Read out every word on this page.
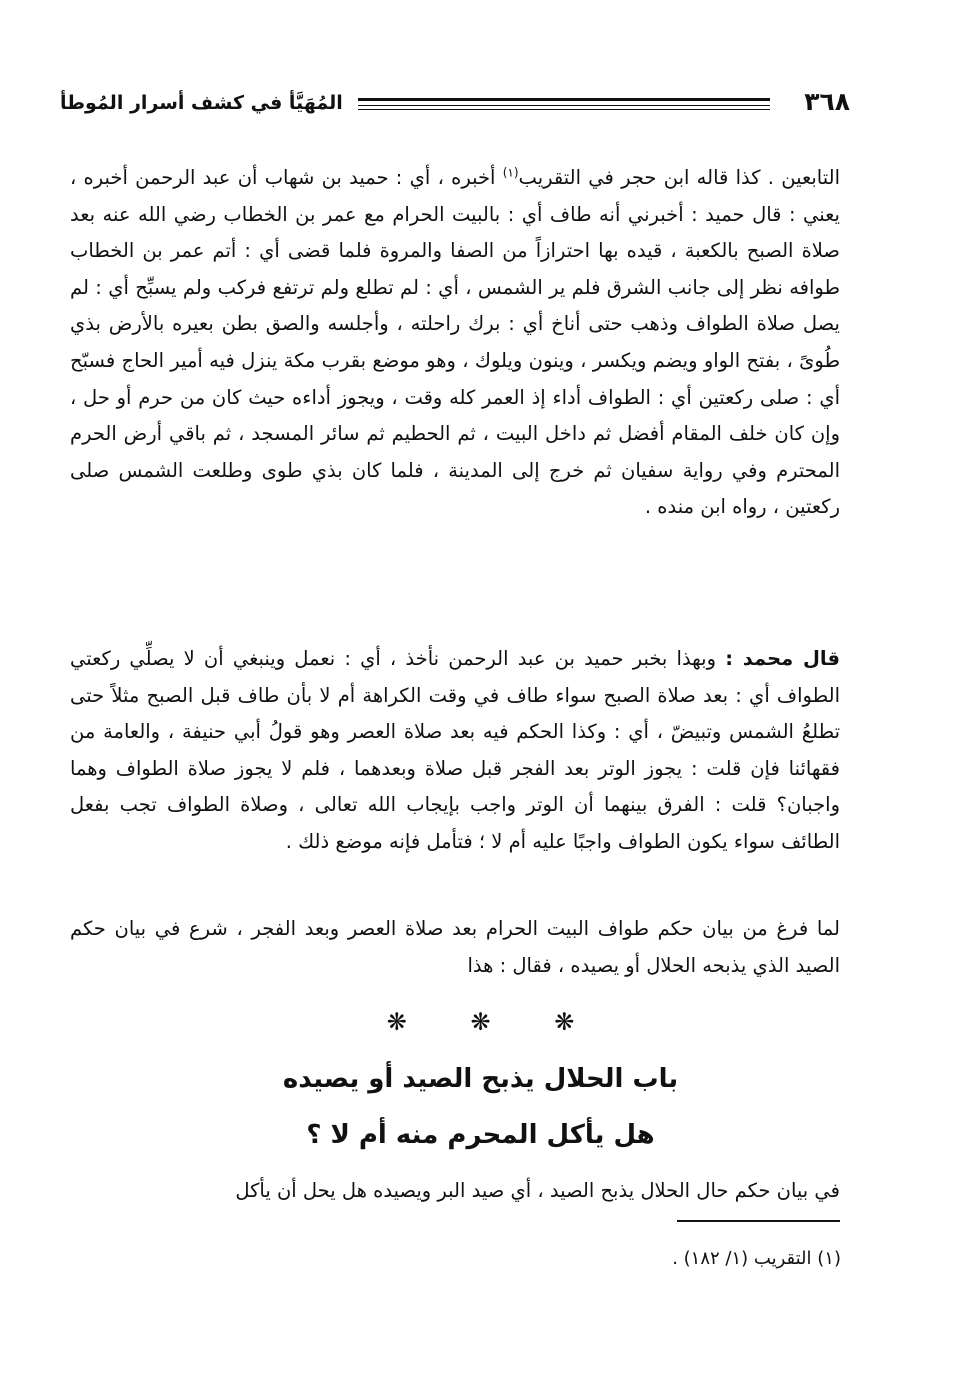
٣٦٨
المُهَيَّأ في كشف أسرار المُوطأ

التابعين . كذا قاله ابن حجر في التقريب$^{(١)}$ أخبره ، أي : حميد بن شهاب أن عبد الرحمن أخبره ، يعني : قال حميد : أخبرني أنه طاف أي : بالبيت الحرام مع عمر بن الخطاب رضي الله عنه بعد صلاة الصبح بالكعبة ، قيده بها احترازاً من الصفا والمروة فلما قضى أي : أتم عمر بن الخطاب طوافه نظر إلى جانب الشرق فلم ير الشمس ، أي : لم تطلع ولم ترتفع فركب ولم يسبِّح أي : لم يصل صلاة الطواف وذهب حتى أناخ أي : برك راحلته ، وأجلسه والصق بطن بعيره بالأرض بذي طُوىً ، بفتح الواو ويضم ويكسر ، وينون ويلوك ، وهو موضع بقرب مكة ينزل فيه أمير الحاج فسبّح أي : صلى ركعتين أي : الطواف أداء إذ العمر كله وقت ، ويجوز أداءه حيث كان من حرم أو حل ، وإن كان خلف المقام أفضل ثم داخل البيت ، ثم الحطيم ثم سائر المسجد ، ثم باقي أرض الحرم المحترم وفي رواية سفيان ثم خرج إلى المدينة ، فلما كان بذي طوى وطلعت الشمس صلى ركعتين ، رواه ابن منده .

قال محمد : وبهذا بخبر حميد بن عبد الرحمن نأخذ ، أي : نعمل وينبغي أن لا يصلِّي ركعتي الطواف أي : بعد صلاة الصبح سواء طاف في وقت الكراهة أم لا بأن طاف قبل الصبح مثلاً حتى تطلعُ الشمس وتبيضّ ، أي : وكذا الحكم فيه بعد صلاة العصر وهو قولُ أبي حنيفة ، والعامة من فقهائنا فإن قلت : يجوز الوتر بعد الفجر قبل صلاة وبعدهما ، فلم لا يجوز صلاة الطواف وهما واجبان؟ قلت : الفرق بينهما أن الوتر واجب بإيجاب الله تعالى ، وصلاة الطواف تجب بفعل الطائف سواء يكون الطواف واجبًا عليه أم لا ؛ فتأمل فإنه موضع ذلك .

لما فرغ من بيان حكم طواف البيت الحرام بعد صلاة العصر وبعد الفجر ، شرع في بيان حكم الصيد الذي يذبحه الحلال أو يصيده ، فقال : هذا

❋ ❋ ❋
باب الحلال يذبح الصيد أو يصيده
هل يأكل المحرم منه أم لا ؟

في بيان حكم حال الحلال يذبح الصيد ، أي صيد البر ويصيده هل يحل أن يأكل

(١) التقريب (١/ ١٨٢) .
